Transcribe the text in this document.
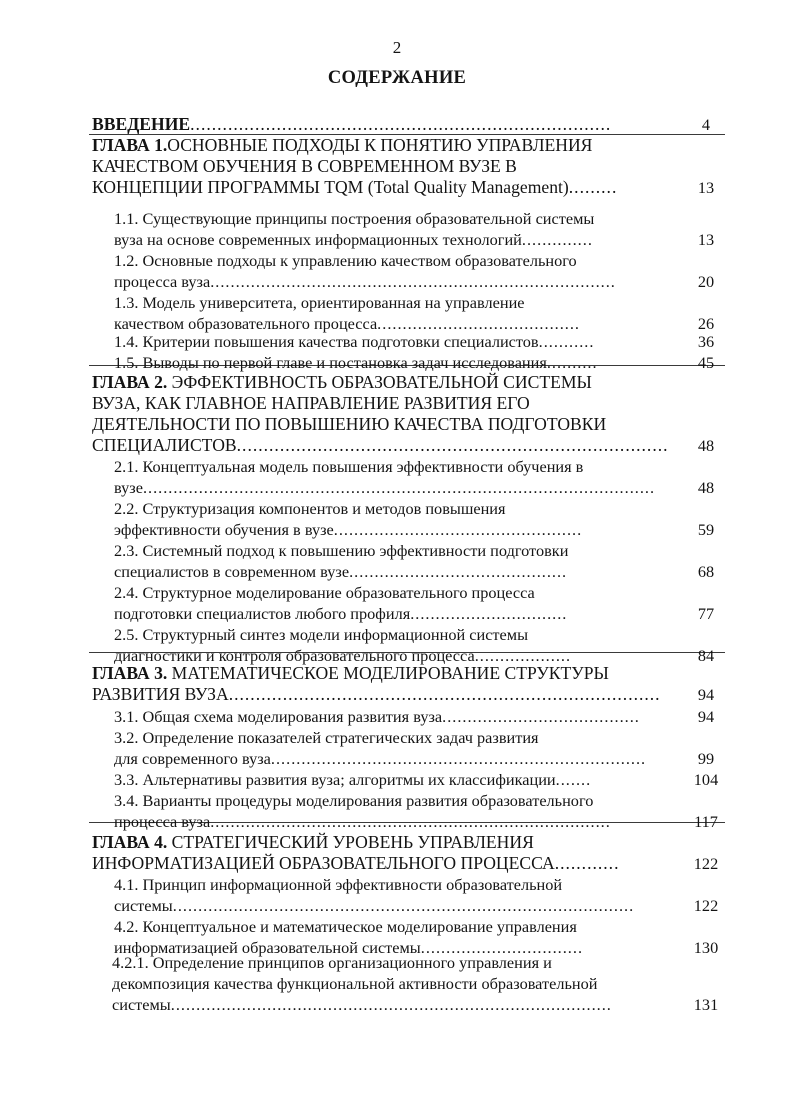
2
СОДЕРЖАНИЕ
4
ВВЕДЕНИЕ..............................................................................
ГЛАВА 1.ОСНОВНЫЕ ПОДХОДЫ К ПОНЯТИЮ УПРАВЛЕНИЯ
КАЧЕСТВОМ ОБУЧЕНИЯ В СОВРЕМЕННОМ ВУЗЕ В
13
КОНЦЕПЦИИ ПРОГРАММЫ TQM (Total Quality Management).........
1.1. Существующие принципы построения образовательной системы
13
вуза на основе современных информационных технологий..............
1.2. Основные подходы к управлению качеством образовательного
20
процесса вуза................................................................................
1.3. Модель университета, ориентированная на управление
26
качеством образовательного процесса........................................
36
1.4. Критерии повышения качества подготовки специалистов...........
45
1.5. Выводы по первой главе и постановка задач исследования..........
ГЛАВА 2. ЭФФЕКТИВНОСТЬ ОБРАЗОВАТЕЛЬНОЙ СИСТЕМЫ
ВУЗА, КАК ГЛАВНОЕ НАПРАВЛЕНИЕ РАЗВИТИЯ ЕГО
ДЕЯТЕЛЬНОСТИ ПО ПОВЫШЕНИЮ КАЧЕСТВА ПОДГОТОВКИ
48
СПЕЦИАЛИСТОВ................................................................................
2.1. Концептуальная модель повышения эффективности обучения в
48
вузе.....................................................................................................
2.2. Структуризация компонентов и методов повышения
59
эффективности обучения в вузе.................................................
2.3. Системный подход к повышению эффективности подготовки
68
специалистов в современном вузе...........................................
2.4. Структурное моделирование образовательного процесса
77
подготовки специалистов любого профиля...............................
2.5. Структурный синтез модели информационной системы
84
диагностики и контроля образовательного процесса...................
ГЛАВА 3. МАТЕМАТИЧЕСКОЕ МОДЕЛИРОВАНИЕ СТРУКТУРЫ
94
РАЗВИТИЯ ВУЗА................................................................................
94
3.1. Общая схема моделирования развития вуза.......................................
3.2. Определение показателей стратегических задач развития
99
для современного вуза..........................................................................
104
3.3. Альтернативы развития вуза; алгоритмы их классификации.......
3.4. Варианты процедуры моделирования развития образовательного
117
процесса вуза...............................................................................
ГЛАВА 4. СТРАТЕГИЧЕСКИЙ УРОВЕНЬ УПРАВЛЕНИЯ
122
ИНФОРМАТИЗАЦИЕЙ ОБРАЗОВАТЕЛЬНОГО ПРОЦЕССА............
4.1. Принцип информационной эффективности образовательной
122
системы...........................................................................................
4.2. Концептуальное и математическое моделирование управления
130
информатизацией образовательной системы................................
4.2.1. Определение принципов организационного управления и
декомпозиция качества функциональной активности образовательной
131
системы.......................................................................................
